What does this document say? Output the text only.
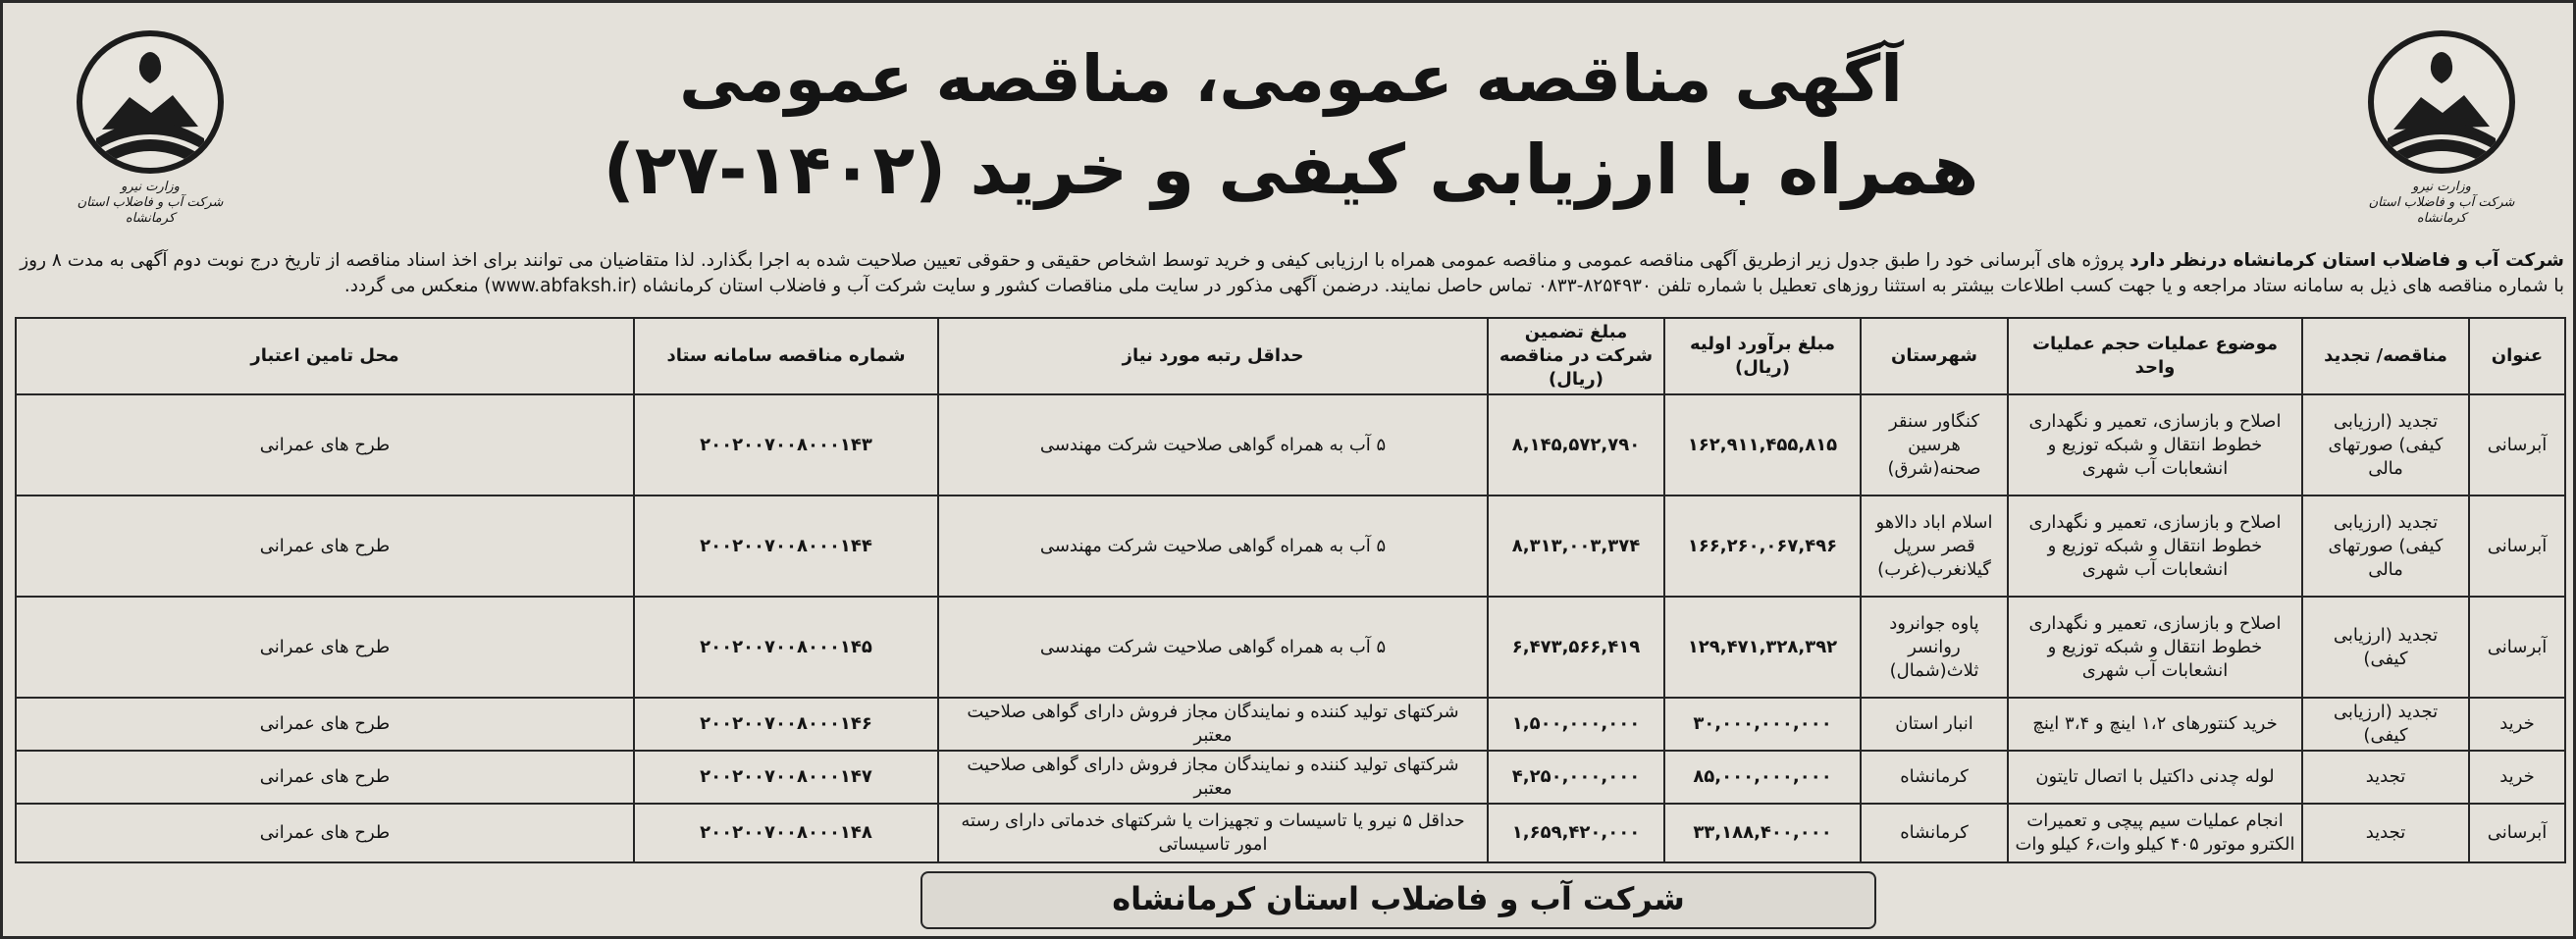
وزارت نیرو
شرکت آب و فاضلاب استان کرمانشاه
وزارت نیرو
شرکت آب و فاضلاب استان کرمانشاه
آگهی مناقصه عمومی، مناقصه عمومی
همراه با ارزیابی کیفی و خرید (۱۴۰۲-۲۷)
شرکت آب و فاضلاب استان کرمانشاه درنظر دارد پروژه های آبرسانی خود را طبق جدول زیر ازطریق آگهی مناقصه عمومی و مناقصه عمومی همراه با ارزیابی کیفی و خرید توسط اشخاص حقیقی و حقوقی تعیین صلاحیت شده به اجرا بگذارد. لذا متقاضیان می توانند برای اخذ اسناد مناقصه از تاریخ درج نوبت دوم آگهی به مدت ۸ روز با شماره مناقصه های ذیل به سامانه ستاد مراجعه و یا جهت کسب اطلاعات بیشتر به استثنا روزهای تعطیل با شماره تلفن ۸۲۵۴۹۳۰-۰۸۳۳ تماس حاصل نمایند. درضمن آگهی مذکور در سایت ملی مناقصات کشور و سایت شرکت آب و فاضلاب استان کرمانشاه (www.abfaksh.ir) منعکس می گردد.
عنوان	مناقصه/ تجدید	موضوع عملیات حجم عملیات واحد	شهرستان	مبلغ برآورد اولیه (ریال)	مبلغ تضمین شرکت در مناقصه (ریال)	حداقل رتبه مورد نیاز	شماره مناقصه سامانه ستاد	محل تامین اعتبار
آبرسانی	تجدید (ارزیابی کیفی) صورتهای مالی	اصلاح و بازسازی، تعمیر و نگهداری خطوط انتقال و شبکه توزیع و انشعابات آب شهری	کنگاور سنقر هرسین صحنه(شرق)	۱۶۲,۹۱۱,۴۵۵,۸۱۵	۸,۱۴۵,۵۷۲,۷۹۰	۵ آب به همراه گواهی صلاحیت شرکت مهندسی	۲۰۰۲۰۰۷۰۰۸۰۰۰۱۴۳	طرح های عمرانی
آبرسانی	تجدید (ارزیابی کیفی) صورتهای مالی	اصلاح و بازسازی، تعمیر و نگهداری خطوط انتقال و شبکه توزیع و انشعابات آب شهری	اسلام اباد دالاهو قصر سرپل گیلانغرب(غرب)	۱۶۶,۲۶۰,۰۶۷,۴۹۶	۸,۳۱۳,۰۰۳,۳۷۴	۵ آب به همراه گواهی صلاحیت شرکت مهندسی	۲۰۰۲۰۰۷۰۰۸۰۰۰۱۴۴	طرح های عمرانی
آبرسانی	تجدید (ارزیابی کیفی)	اصلاح و بازسازی، تعمیر و نگهداری خطوط انتقال و شبکه توزیع و انشعابات آب شهری	پاوه جوانرود روانسر ثلاث(شمال)	۱۲۹,۴۷۱,۳۲۸,۳۹۲	۶,۴۷۳,۵۶۶,۴۱۹	۵ آب به همراه گواهی صلاحیت شرکت مهندسی	۲۰۰۲۰۰۷۰۰۸۰۰۰۱۴۵	طرح های عمرانی
خرید	تجدید (ارزیابی کیفی)	خرید کنتورهای ۱،۲ اینچ و ۳،۴ اینچ	انبار استان	۳۰,۰۰۰,۰۰۰,۰۰۰	۱,۵۰۰,۰۰۰,۰۰۰	شرکتهای تولید کننده و نمایندگان مجاز فروش دارای گواهی صلاحیت معتبر	۲۰۰۲۰۰۷۰۰۸۰۰۰۱۴۶	طرح های عمرانی
خرید	تجدید	لوله چدنی داکتیل با اتصال تایتون	کرمانشاه	۸۵,۰۰۰,۰۰۰,۰۰۰	۴,۲۵۰,۰۰۰,۰۰۰	شرکتهای تولید کننده و نمایندگان مجاز فروش دارای گواهی صلاحیت معتبر	۲۰۰۲۰۰۷۰۰۸۰۰۰۱۴۷	طرح های عمرانی
آبرسانی	تجدید	انجام عملیات سیم پیچی و تعمیرات الکترو موتور ۴۰۵ کیلو وات،۶ کیلو وات	کرمانشاه	۳۳,۱۸۸,۴۰۰,۰۰۰	۱,۶۵۹,۴۲۰,۰۰۰	حداقل ۵ نیرو یا تاسیسات و تجهیزات یا شرکتهای خدماتی دارای رسته امور تاسیساتی	۲۰۰۲۰۰۷۰۰۸۰۰۰۱۴۸	طرح های عمرانی
شرکت آب و فاضلاب استان کرمانشاه
